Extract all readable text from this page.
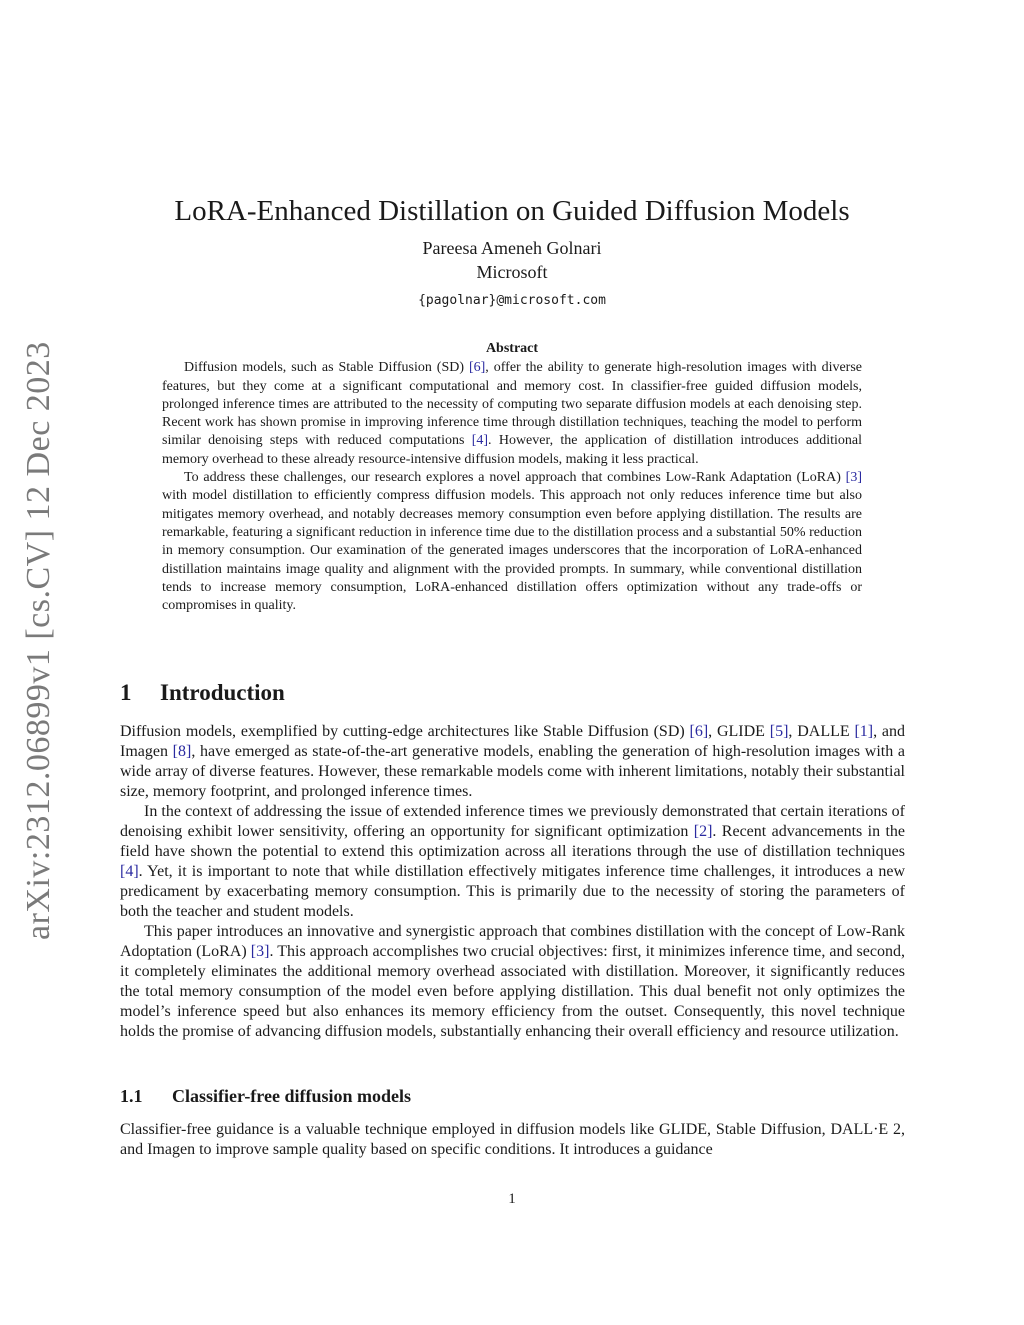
arXiv:2312.06899v1 [cs.CV] 12 Dec 2023
LoRA-Enhanced Distillation on Guided Diffusion Models
Pareesa Ameneh Golnari
Microsoft
{pagolnar}@microsoft.com
Abstract

Diffusion models, such as Stable Diffusion (SD) [6], offer the ability to generate high-resolution images with diverse features, but they come at a significant computational and memory cost. In classifier-free guided diffusion models, prolonged inference times are attributed to the necessity of computing two separate diffusion models at each denoising step. Recent work has shown promise in improving inference time through distillation techniques, teaching the model to perform similar denoising steps with reduced computations [4]. However, the application of distillation introduces additional memory overhead to these already resource-intensive diffusion models, making it less practical.

To address these challenges, our research explores a novel approach that combines Low-Rank Adaptation (LoRA) [3] with model distillation to efficiently compress diffusion models. This approach not only reduces inference time but also mitigates memory overhead, and notably decreases memory consumption even before applying distillation. The results are remarkable, featuring a significant reduction in inference time due to the distillation process and a substantial 50% reduction in memory consumption. Our examination of the generated images underscores that the incorporation of LoRA-enhanced distillation maintains image quality and alignment with the provided prompts. In summary, while conventional distillation tends to increase memory consumption, LoRA-enhanced distillation offers optimization without any trade-offs or compromises in quality.

1 Introduction

Diffusion models, exemplified by cutting-edge architectures like Stable Diffusion (SD) [6], GLIDE [5], DALLE [1], and Imagen [8], have emerged as state-of-the-art generative models, enabling the generation of high-resolution images with a wide array of diverse features. However, these remarkable models come with inherent limitations, notably their substantial size, memory footprint, and prolonged inference times.

In the context of addressing the issue of extended inference times we previously demonstrated that certain iterations of denoising exhibit lower sensitivity, offering an opportunity for significant optimization [2]. Recent advancements in the field have shown the potential to extend this optimization across all iterations through the use of distillation techniques [4]. Yet, it is important to note that while distillation effectively mitigates inference time challenges, it introduces a new predicament by exacerbating memory consumption. This is primarily due to the necessity of storing the parameters of both the teacher and student models.

This paper introduces an innovative and synergistic approach that combines distillation with the concept of Low-Rank Adoptation (LoRA) [3]. This approach accomplishes two crucial objectives: first, it minimizes inference time, and second, it completely eliminates the additional memory overhead associated with distillation. Moreover, it significantly reduces the total memory consumption of the model even before applying distillation. This dual benefit not only optimizes the model’s inference speed but also enhances its memory efficiency from the outset. Consequently, this novel technique holds the promise of advancing diffusion models, substantially enhancing their overall efficiency and resource utilization.

1.1 Classifier-free diffusion models

Classifier-free guidance is a valuable technique employed in diffusion models like GLIDE, Stable Diffusion, DALL·E 2, and Imagen to improve sample quality based on specific conditions. It introduces a guidance

1
